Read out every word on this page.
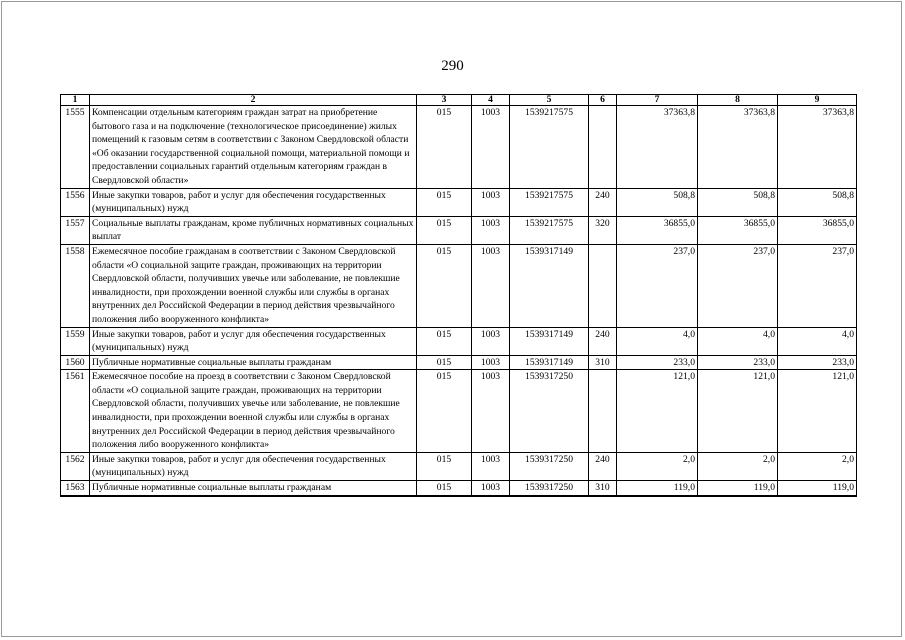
290
1	2	3	4	5	6	7	8	9
1555	Компенсации отдельным категориям граждан затрат на приобретение бытового газа и на подключение (технологическое присоединение) жилых помещений к газовым сетям в соответствии с Законом Свердловской области «Об оказании государственной социальной помощи, материальной помощи и предоставлении социальных гарантий отдельным категориям граждан в Свердловской области»	015	1003	1539217575		37363,8	37363,8	37363,8
1556	Иные закупки товаров, работ и услуг для обеспечения государственных (муниципальных) нужд	015	1003	1539217575	240	508,8	508,8	508,8
1557	Социальные выплаты гражданам, кроме публичных нормативных социальных выплат	015	1003	1539217575	320	36855,0	36855,0	36855,0
1558	Ежемесячное пособие гражданам в соответствии с Законом Свердловской области «О социальной защите граждан, проживающих на территории Свердловской области, получивших увечье или заболевание, не повлекшие инвалидности, при прохождении военной службы или службы в органах внутренних дел Российской Федерации в период действия чрезвычайного положения либо вооруженного конфликта»	015	1003	1539317149		237,0	237,0	237,0
1559	Иные закупки товаров, работ и услуг для обеспечения государственных (муниципальных) нужд	015	1003	1539317149	240	4,0	4,0	4,0
1560	Публичные нормативные социальные выплаты гражданам	015	1003	1539317149	310	233,0	233,0	233,0
1561	Ежемесячное пособие на проезд в соответствии с Законом Свердловской области «О социальной защите граждан, проживающих на территории Свердловской области, получивших увечье или заболевание, не повлекшие инвалидности, при прохождении военной службы или службы в органах внутренних дел Российской Федерации в период действия чрезвычайного положения либо вооруженного конфликта»	015	1003	1539317250		121,0	121,0	121,0
1562	Иные закупки товаров, работ и услуг для обеспечения государственных (муниципальных) нужд	015	1003	1539317250	240	2,0	2,0	2,0
1563	Публичные нормативные социальные выплаты гражданам	015	1003	1539317250	310	119,0	119,0	119,0
